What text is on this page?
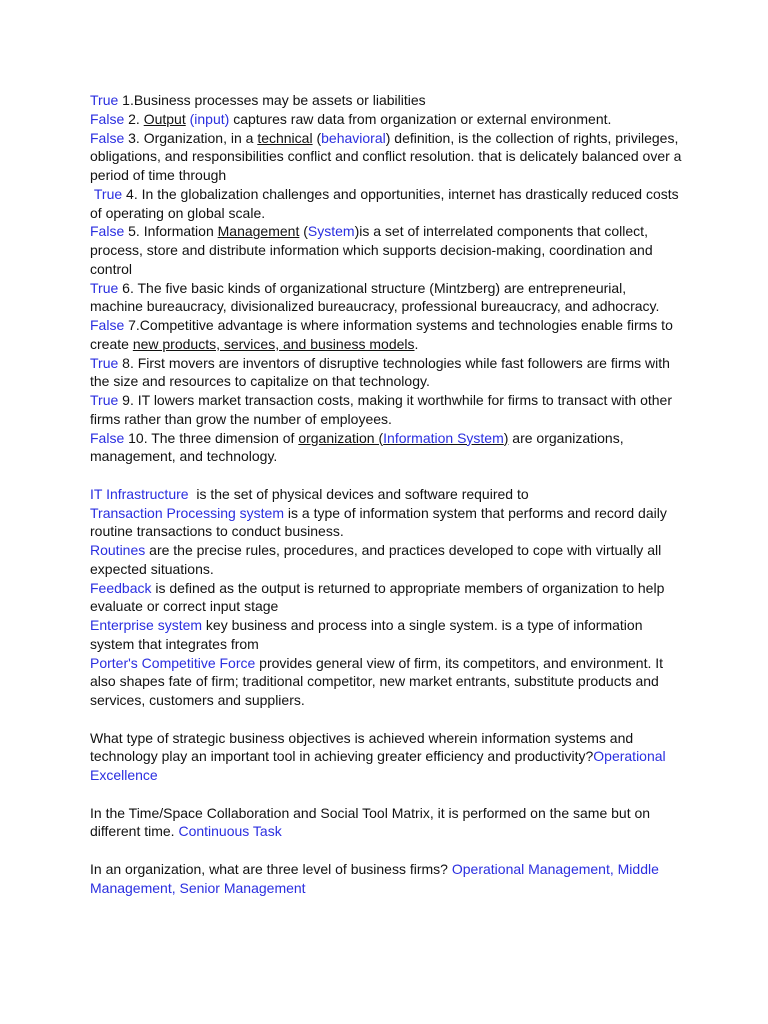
True 1.Business processes may be assets or liabilities

False 2. Output (input) captures raw data from organization or external environment.

False 3. Organization, in a technical (behavioral) definition, is the collection of rights, privileges, obligations, and responsibilities conflict and conflict resolution. that is delicately balanced over a period of time through

True 4. In the globalization challenges and opportunities, internet has drastically reduced costs of operating on global scale.

False 5. Information Management (System)is a set of interrelated components that collect, process, store and distribute information which supports decision-making, coordination and control

True 6. The five basic kinds of organizational structure (Mintzberg) are entrepreneurial, machine bureaucracy, divisionalized bureaucracy, professional bureaucracy, and adhocracy.

False 7.Competitive advantage is where information systems and technologies enable firms to create new products, services, and business models.

True 8. First movers are inventors of disruptive technologies while fast followers are firms with the size and resources to capitalize on that technology.

True 9. IT lowers market transaction costs, making it worthwhile for firms to transact with other firms rather than grow the number of employees.

False 10. The three dimension of organization (Information System) are organizations, management, and technology.

IT Infrastructure  is the set of physical devices and software required to

Transaction Processing system is a type of information system that performs and record daily routine transactions to conduct business.

Routines are the precise rules, procedures, and practices developed to cope with virtually all expected situations.

Feedback is defined as the output is returned to appropriate members of organization to help evaluate or correct input stage

Enterprise system key business and process into a single system. is a type of information system that integrates from

Porter's Competitive Force provides general view of firm, its competitors, and environment. It also shapes fate of firm; traditional competitor, new market entrants, substitute products and services, customers and suppliers.

What type of strategic business objectives is achieved wherein information systems and technology play an important tool in achieving greater efficiency and productivity?Operational Excellence

In the Time/Space Collaboration and Social Tool Matrix, it is performed on the same but on different time. Continuous Task

In an organization, what are three level of business firms? Operational Management, Middle Management, Senior Management
